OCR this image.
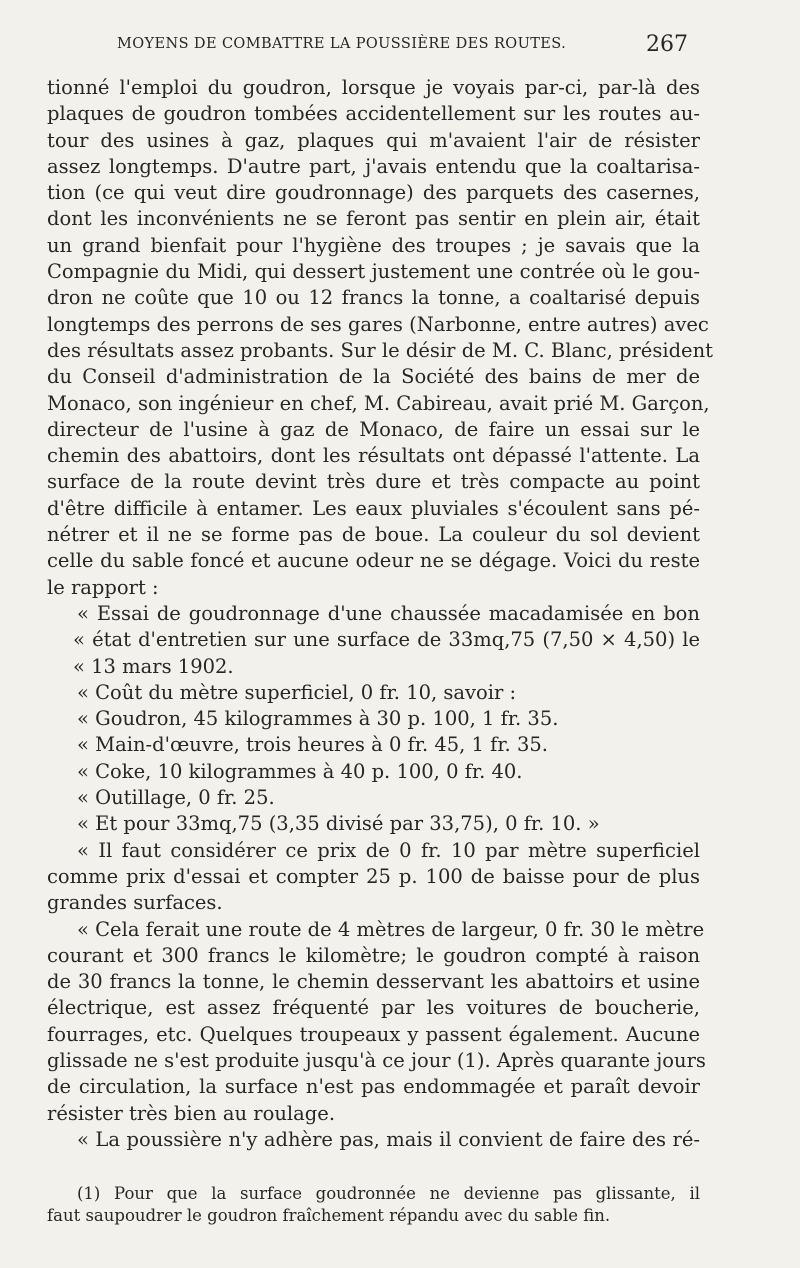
MOYENS DE COMBATTRE LA POUSSIÈRE DES ROUTES.	267
tionné l'emploi du goudron, lorsque je voyais par-ci, par-là des
plaques de goudron tombées accidentellement sur les routes au-
tour des usines à gaz, plaques qui m'avaient l'air de résister
assez longtemps. D'autre part, j'avais entendu que la coaltarisa-
tion (ce qui veut dire goudronnage) des parquets des casernes,
dont les inconvénients ne se feront pas sentir en plein air, était
un grand bienfait pour l'hygiène des troupes ; je savais que la
Compagnie du Midi, qui dessert justement une contrée où le gou-
dron ne coûte que 10 ou 12 francs la tonne, a coaltarisé depuis
longtemps des perrons de ses gares (Narbonne, entre autres) avec
des résultats assez probants. Sur le désir de M. C. Blanc, président
du Conseil d'administration de la Société des bains de mer de
Monaco, son ingénieur en chef, M. Cabireau, avait prié M. Garçon,
directeur de l'usine à gaz de Monaco, de faire un essai sur le
chemin des abattoirs, dont les résultats ont dépassé l'attente. La
surface de la route devint très dure et très compacte au point
d'être difficile à entamer. Les eaux pluviales s'écoulent sans pé-
nétrer et il ne se forme pas de boue. La couleur du sol devient
celle du sable foncé et aucune odeur ne se dégage. Voici du reste
le rapport :
« Essai de goudronnage d'une chaussée macadamisée en bon
« état d'entretien sur une surface de 33mq,75 (7,50 × 4,50) le
« 13 mars 1902.
« Coût du mètre superficiel, 0 fr. 10, savoir :
« Goudron, 45 kilogrammes à 30 p. 100, 1 fr. 35.
« Main-d'œuvre, trois heures à 0 fr. 45, 1 fr. 35.
« Coke, 10 kilogrammes à 40 p. 100, 0 fr. 40.
« Outillage, 0 fr. 25.
« Et pour 33mq,75 (3,35 divisé par 33,75), 0 fr. 10. »
« Il faut considérer ce prix de 0 fr. 10 par mètre superficiel
comme prix d'essai et compter 25 p. 100 de baisse pour de plus
grandes surfaces.
« Cela ferait une route de 4 mètres de largeur, 0 fr. 30 le mètre
courant et 300 francs le kilomètre; le goudron compté à raison
de 30 francs la tonne, le chemin desservant les abattoirs et usine
électrique, est assez fréquenté par les voitures de boucherie,
fourrages, etc. Quelques troupeaux y passent également. Aucune
glissade ne s'est produite jusqu'à ce jour (1). Après quarante jours
de circulation, la surface n'est pas endommagée et paraît devoir
résister très bien au roulage.
« La poussière n'y adhère pas, mais il convient de faire des ré-
(1) Pour que la surface goudronnée ne devienne pas glissante, il
faut saupoudrer le goudron fraîchement répandu avec du sable fin.
